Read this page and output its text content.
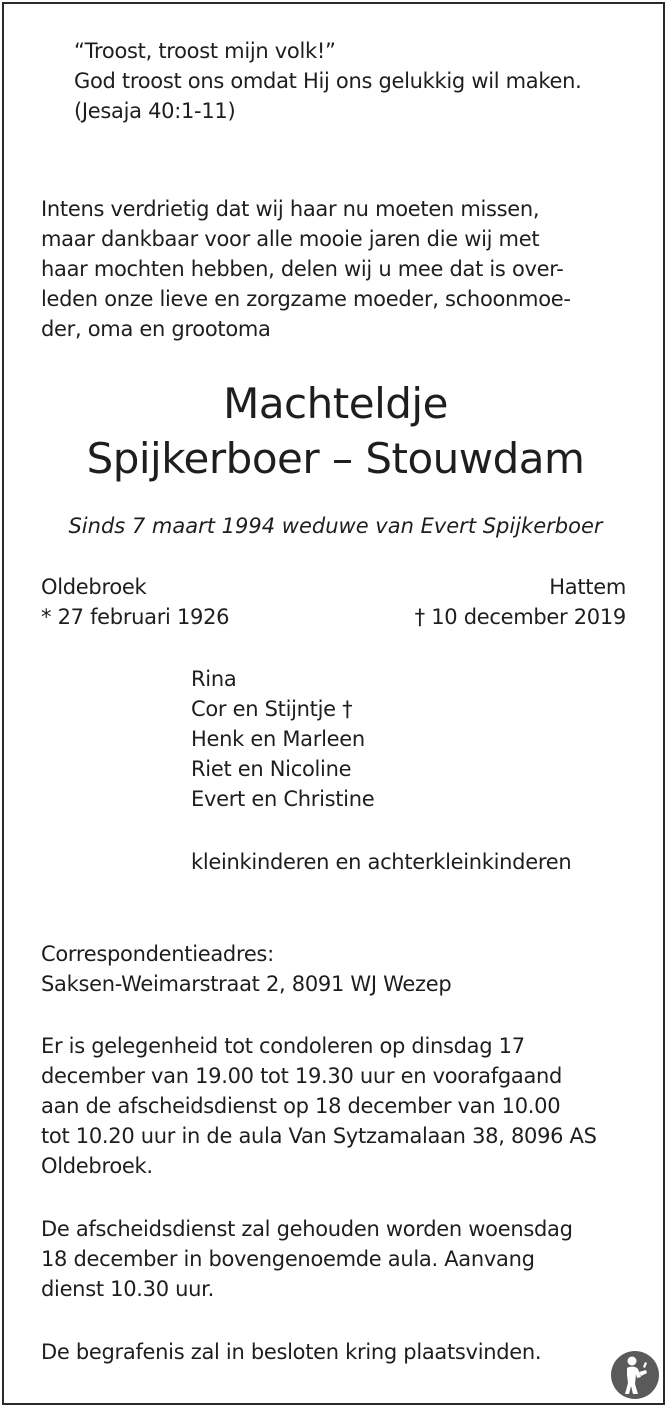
“Troost, troost mijn volk!”
God troost ons omdat Hij ons gelukkig wil maken.
(Jesaja 40:1-11)
Intens verdrietig dat wij haar nu moeten missen,
maar dankbaar voor alle mooie jaren die wij met
haar mochten hebben, delen wij u mee dat is over-
leden onze lieve en zorgzame moeder, schoonmoe-
der, oma en grootoma
Machteldje
Spijkerboer – Stouwdam
Sinds 7 maart 1994 weduwe van Evert Spijkerboer
Oldebroek
* 27 februari 1926
Hattem
† 10 december 2019
Rina
Cor en Stijntje †
Henk en Marleen
Riet en Nicoline
Evert en Christine
kleinkinderen en achterkleinkinderen
Correspondentieadres:
Saksen-Weimarstraat 2, 8091 WJ Wezep
Er is gelegenheid tot condoleren op dinsdag 17
december van 19.00 tot 19.30 uur en voorafgaand
aan de afscheidsdienst op 18 december van 10.00
tot 10.20 uur in de aula Van Sytzamalaan 38, 8096 AS
Oldebroek.
De afscheidsdienst zal gehouden worden woensdag
18 december in bovengenoemde aula. Aanvang
dienst 10.30 uur.
De begrafenis zal in besloten kring plaatsvinden.
